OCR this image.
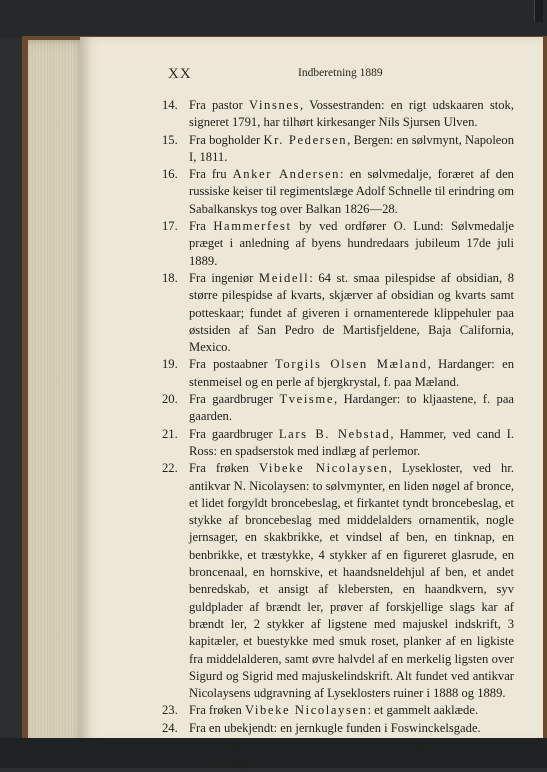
XX	Indberetning 1889

14. Fra pastor Vinsnes, Vossestranden: en rigt udskaaren stok, signeret 1791, har tilhørt kirkesanger Nils Sjursen Ulven.

15. Fra bogholder Kr. Pedersen, Bergen: en sølvmynt, Napoleon I, 1811.

16. Fra fru Anker Andersen: en sølvmedalje, foræret af den russiske keiser til regimentslæge Adolf Schnelle til erindring om Sabalkanskys tog over Balkan 1826—28.

17. Fra Hammerfest by ved ordfører O. Lund: Sølvmedalje præget i anledning af byens hundredaars jubileum 17de juli 1889.

18. Fra ingeniør Meidell: 64 st. smaa pilespidse af obsidian, 8 større pilespidse af kvarts, skjærver af obsidian og kvarts samt potteskaar; fundet af giveren i ornamenterede klippehuler paa østsiden af San Pedro de Martisfjeldene, Baja California, Mexico.

19. Fra postaabner Torgils Olsen Mæland, Hardanger: en stenmeisel og en perle af bjergkrystal, f. paa Mæland.

20. Fra gaardbruger Tveisme, Hardanger: to kljaastene, f. paa gaarden.

21. Fra gaardbruger Lars B. Nebstad, Hammer, ved cand I. Ross: en spadserstok med indlæg af perlemor.

22. Fra frøken Vibeke Nicolaysen, Lyseklοster, ved hr. antikvar N. Nicolaysen: to sølvmynter, en liden nøgel af bronce, et lidet forgyldt broncebeslag, et firkantet tyndt broncebeslag, et stykke af broncebeslag med middelalders ornamentik, nogle jernsager, en skakbrikke, et vindsel af ben, en tinknap, en benbrikke, et træstykke, 4 stykker af en figureret glasrude, en broncenaal, en hornskive, et haandsneldehjul af ben, et andet benredskab, et ansigt af klebersten, en haandkvern, syv guldplader af brændt ler, prøver af forskjellige slags kar af brændt ler, 2 stykker af ligstene med majuskel indskrift, 3 kapitæler, et buestykke med smuk roset, planker af en ligkiste fra middelalderen, samt øvre halvdel af en merkelig ligsten over Sigurd og Sigrid med majuskelindskrift. Alt fundet ved antikvar Nicolaysens udgravning af Lyseklosters ruiner i 1888 og 1889.

23. Fra frøken Vibeke Nicolaysen: et gammelt aaklæde.

24. Fra en ubekjendt: en jernkugle funden i Foswinckelsgade.

25. Fra frøken Mathilde Gran: et vævet tæppe fra Kjærland i Graven sogn.
